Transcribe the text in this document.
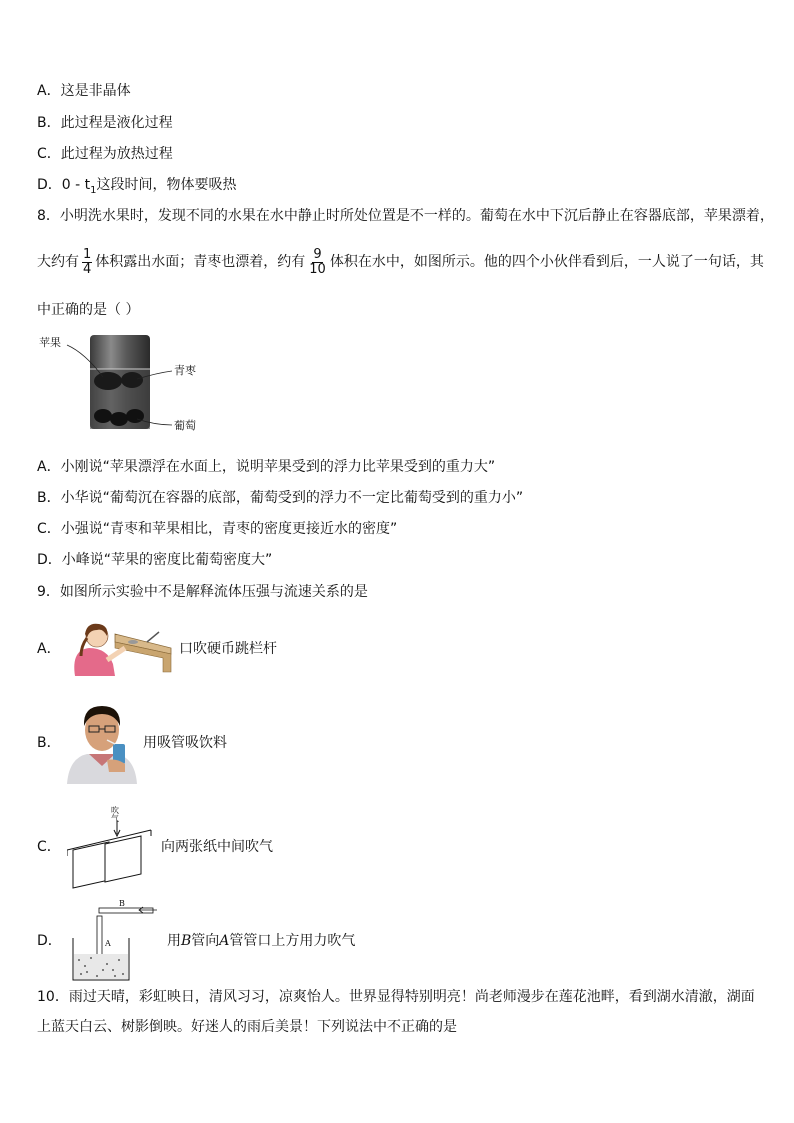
A．这是非晶体
B．此过程是液化过程
C．此过程为放热过程
D．$0 - t_1$这段时间，物体要吸热
8．小明洗水果时，发现不同的水果在水中静止时所处位置是不一样的。葡萄在水中下沉后静止在容器底部，苹果漂着，
大约有 $\frac{1}{4}$ 体积露出水面；青枣也漂着，约有 $\frac{9}{10}$ 体积在水中，如图所示。他的四个小伙伴看到后，一人说了一句话，其
中正确的是（ ）
苹果
青枣
葡萄
A．小刚说“苹果漂浮在水面上，说明苹果受到的浮力比苹果受到的重力大”
B．小华说“葡萄沉在容器的底部，葡萄受到的浮力不一定比葡萄受到的重力小”
C．小强说“青枣和苹果相比，青枣的密度更接近水的密度”
D．小峰说“苹果的密度比葡萄密度大”
9．如图所示实验中不是解释流体压强与流速关系的是
A．	口吹硬币跳栏杆
B．	用吸管吸饮料
C．
吹气
向两张纸中间吹气
D．
B
A	用B管向A管管口上方用力吹气
10．雨过天晴，彩虹映日，清风习习，凉爽怡人。世界显得特别明亮！尚老师漫步在莲花池畔，看到湖水清澈，湖面
上蓝天白云、树影倒映。好迷人的雨后美景！下列说法中不正确的是
